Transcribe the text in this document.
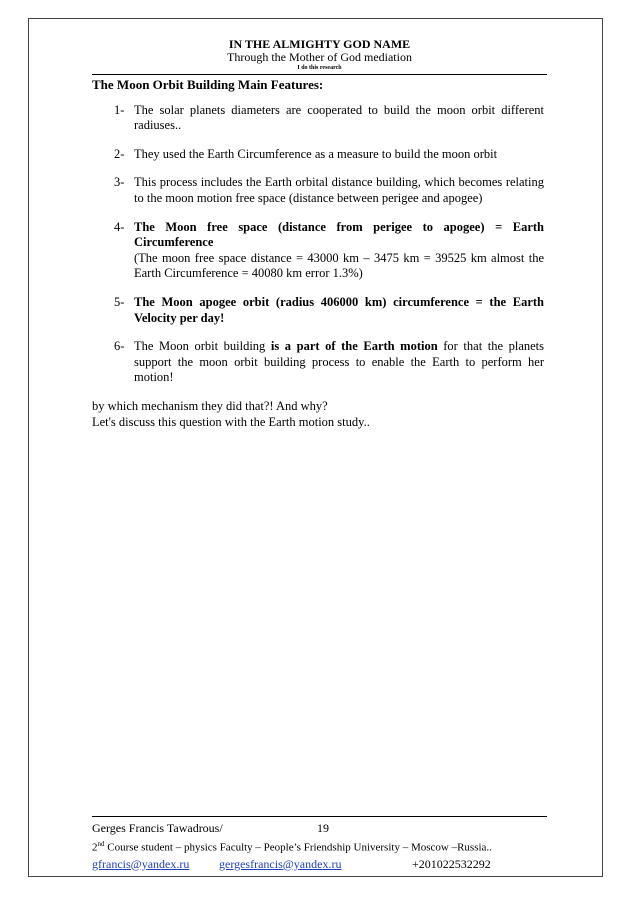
IN THE ALMIGHTY GOD NAME
Through the Mother of God mediation
I do this research
The Moon Orbit Building Main Features:
1- The solar planets diameters are cooperated to build the moon orbit different radiuses..
2- They used the Earth Circumference as a measure to build the moon orbit
3- This process includes the Earth orbital distance building, which becomes relating to the moon motion free space (distance between perigee and apogee)
4- The Moon free space (distance from perigee to apogee) = Earth Circumference
(The moon free space distance = 43000 km – 3475 km = 39525 km almost the Earth Circumference = 40080 km error 1.3%)
5- The Moon apogee orbit (radius 406000 km) circumference = the Earth Velocity per day!
6- The Moon orbit building is a part of the Earth motion for that the planets support the moon orbit building process to enable the Earth to perform her motion!
by which mechanism they did that?! And why?
Let's discuss this question with the Earth motion study..
Gerges Francis Tawadrous/	19
2nd Course student – physics Faculty – People’s Friendship University – Moscow –Russia..
gfrancis@yandex.ru gergesfrancis@yandex.ru	+201022532292
